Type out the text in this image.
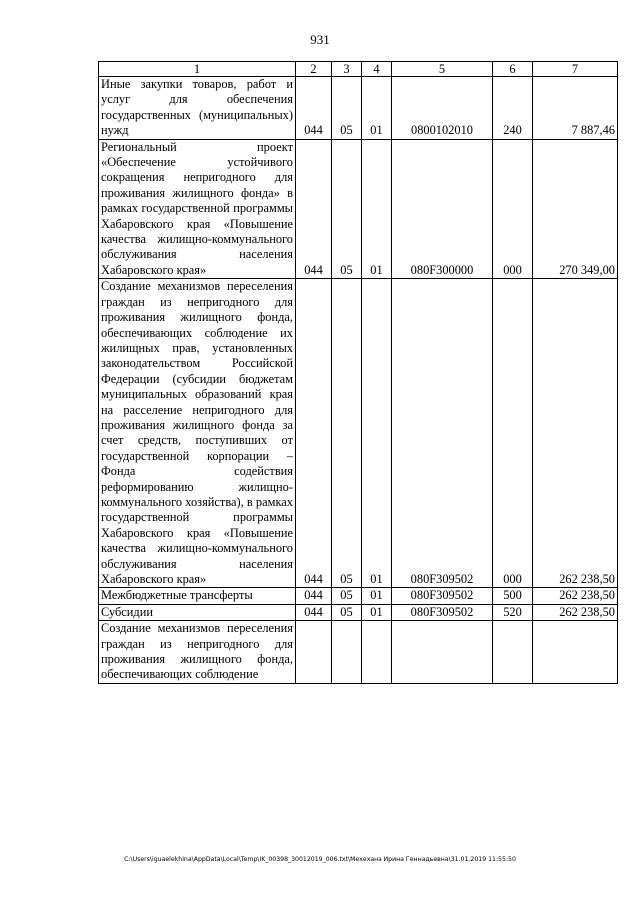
931
1	2	3	4	5	6	7
Иные закупки товаров, работ и услуг для обеспечения государственных (муниципальных) нужд	044	05	01	0800102010	240	7 887,46
Региональный проект «Обеспечение устойчивого сокращения непригодного для проживания жилищного фонда» в рамках государственной программы Хабаровского края «Повышение качества жилищно-коммунального обслуживания населения Хабаровского края»	044	05	01	080F300000	000	270 349,00
Создание механизмов переселения граждан из непригодного для проживания жилищного фонда, обеспечивающих соблюдение их жилищных прав, установленных законодательством Российской Федерации (субсидии бюджетам муниципальных образований края на расселение непригодного для проживания жилищного фонда за счет средств, поступивших от государственной корпорации – Фонда содействия реформированию жилищно-коммунального хозяйства), в рамках государственной программы Хабаровского края «Повышение качества жилищно-коммунального обслуживания населения Хабаровского края»	044	05	01	080F309502	000	262 238,50
Межбюджетные трансферты	044	05	01	080F309502	500	262 238,50
Субсидии	044	05	01	080F309502	520	262 238,50
Создание механизмов переселения граждан из непригодного для проживания жилищного фонда, обеспечивающих соблюдение						
C:\Users\iguaelekhina\AppData\Local\Temp\IK_00398_30012019_006.txt\Мехеханэ Ирина Геннадьевна\31.01.2019 11:55:50
